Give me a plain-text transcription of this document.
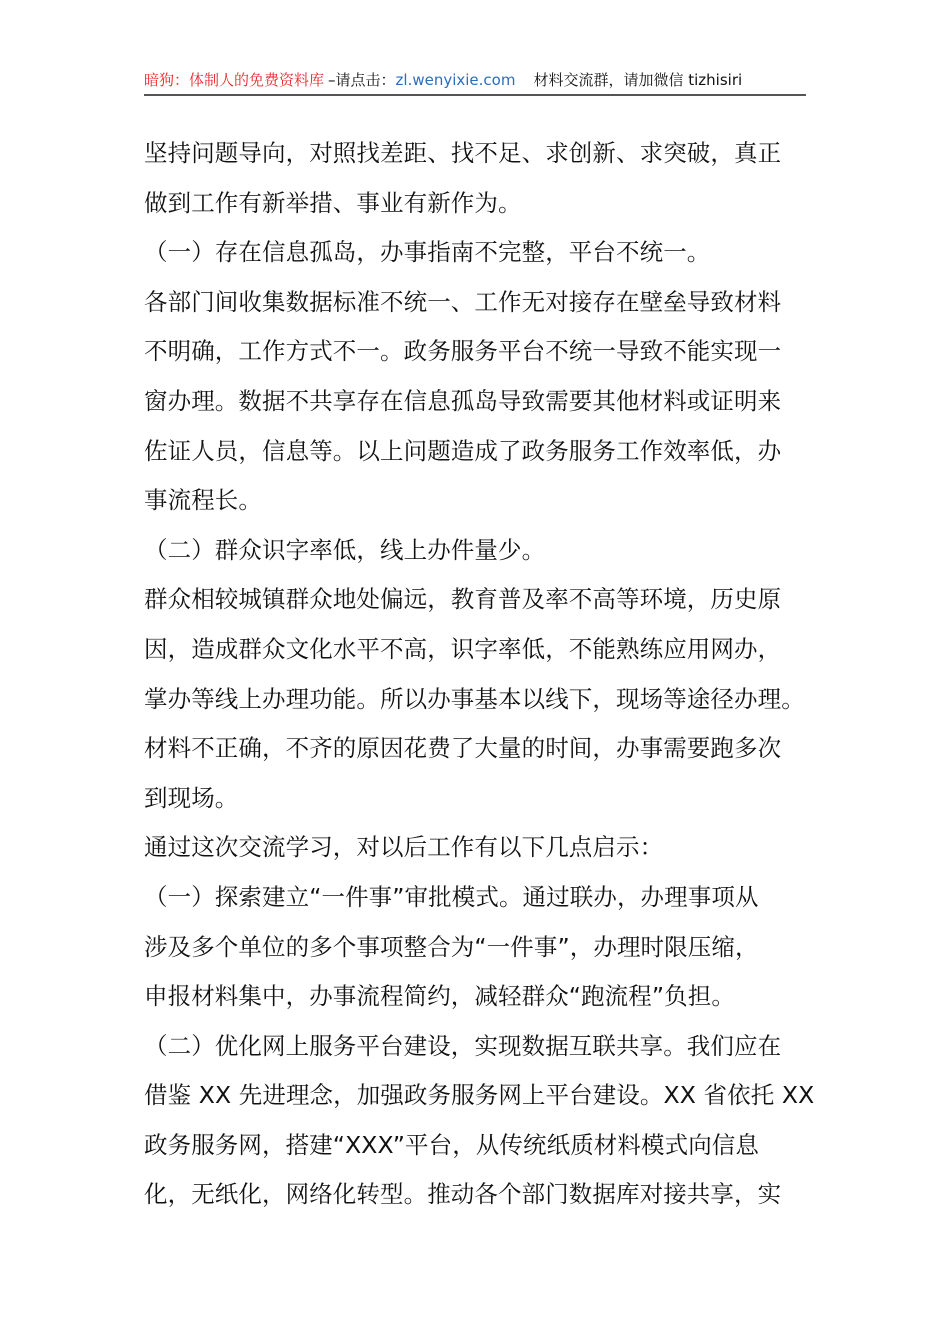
暗狗：体制人的免费资料库 –请点击：zl.wenyixie.com 材料交流群，请加微信 tizhisiri

坚持问题导向，对照找差距、找不足、求创新、求突破，真正

做到工作有新举措、事业有新作为。

（一）存在信息孤岛，办事指南不完整，平台不统一。

各部门间收集数据标准不统一、工作无对接存在壁垒导致材料

不明确，工作方式不一。政务服务平台不统一导致不能实现一

窗办理。数据不共享存在信息孤岛导致需要其他材料或证明来

佐证人员，信息等。以上问题造成了政务服务工作效率低，办

事流程长。

（二）群众识字率低，线上办件量少。

群众相较城镇群众地处偏远，教育普及率不高等环境，历史原

因，造成群众文化水平不高，识字率低，不能熟练应用网办，

掌办等线上办理功能。所以办事基本以线下，现场等途径办理。

材料不正确，不齐的原因花费了大量的时间，办事需要跑多次

到现场。

通过这次交流学习，对以后工作有以下几点启示：

（一）探索建立“一件事”审批模式。通过联办，办理事项从

涉及多个单位的多个事项整合为“一件事”，办理时限压缩，

申报材料集中，办事流程简约，减轻群众“跑流程”负担。

（二）优化网上服务平台建设，实现数据互联共享。我们应在

借鉴 XX 先进理念，加强政务服务网上平台建设。XX 省依托 XX

政务服务网，搭建“XXX”平台，从传统纸质材料模式向信息

化，无纸化，网络化转型。推动各个部门数据库对接共享，实
